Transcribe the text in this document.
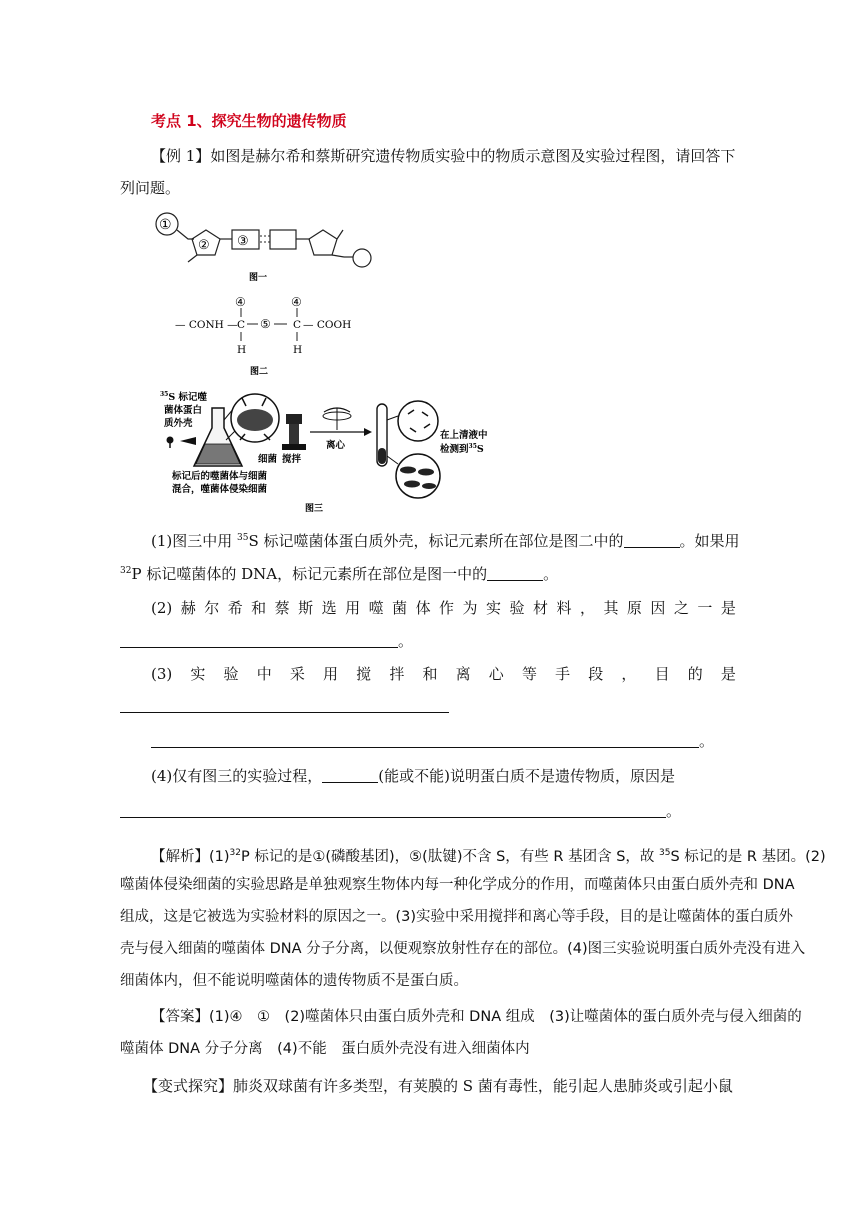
考点 1、探究生物的遗传物质
【例 1】如图是赫尔希和蔡斯研究遗传物质实验中的物质示意图及实验过程图，请回答下
列问题。
①
② ③
图一
④	④
— CONH — C ⑤ C — COOH
H	H
图二
$^{35}$S 标记噬
菌体蛋白
质外壳
细菌 搅拌
离心
在上清液中
检测到$^{35}$S
标记后的噬菌体与细菌
混合，噬菌体侵染细菌
图三
(1)图三中用 $^{35}$S 标记噬菌体蛋白质外壳，标记元素所在部位是图二中的	。如果用
$^{32}$P 标记噬菌体的 DNA，标记元素所在部位是图一中的	。
(2) 赫 尔 希 和 蔡 斯 选 用 噬 菌 体 作 为 实 验 材 料 ， 其 原 因 之 一 是
。
(3) 实 验 中 采 用 搅 拌 和 离 心 等 手 段 ， 目 的 是
。
(4)仅有图三的实验过程，	(能或不能)说明蛋白质不是遗传物质，原因是
。
【解析】$(1)^{32}P$ 标记的是①(磷酸基团)，⑤(肽键)不含 S，有些 R 基团含 S，故 $^{35}$S 标记的是 R 基团。(2)
噬菌体侵染细菌的实验思路是单独观察生物体内每一种化学成分的作用，而噬菌体只由蛋白质外壳和 DNA
组成，这是它被选为实验材料的原因之一。(3)实验中采用搅拌和离心等手段，目的是让噬菌体的蛋白质外
壳与侵入细菌的噬菌体 DNA 分子分离，以便观察放射性存在的部位。(4)图三实验说明蛋白质外壳没有进入
细菌体内，但不能说明噬菌体的遗传物质不是蛋白质。
【答案】(1)④　①　(2)噬菌体只由蛋白质外壳和 DNA 组成　(3)让噬菌体的蛋白质外壳与侵入细菌的
噬菌体 DNA 分子分离　(4)不能　蛋白质外壳没有进入细菌体内
【变式探究】肺炎双球菌有许多类型，有荚膜的 S 菌有毒性，能引起人患肺炎或引起小鼠
